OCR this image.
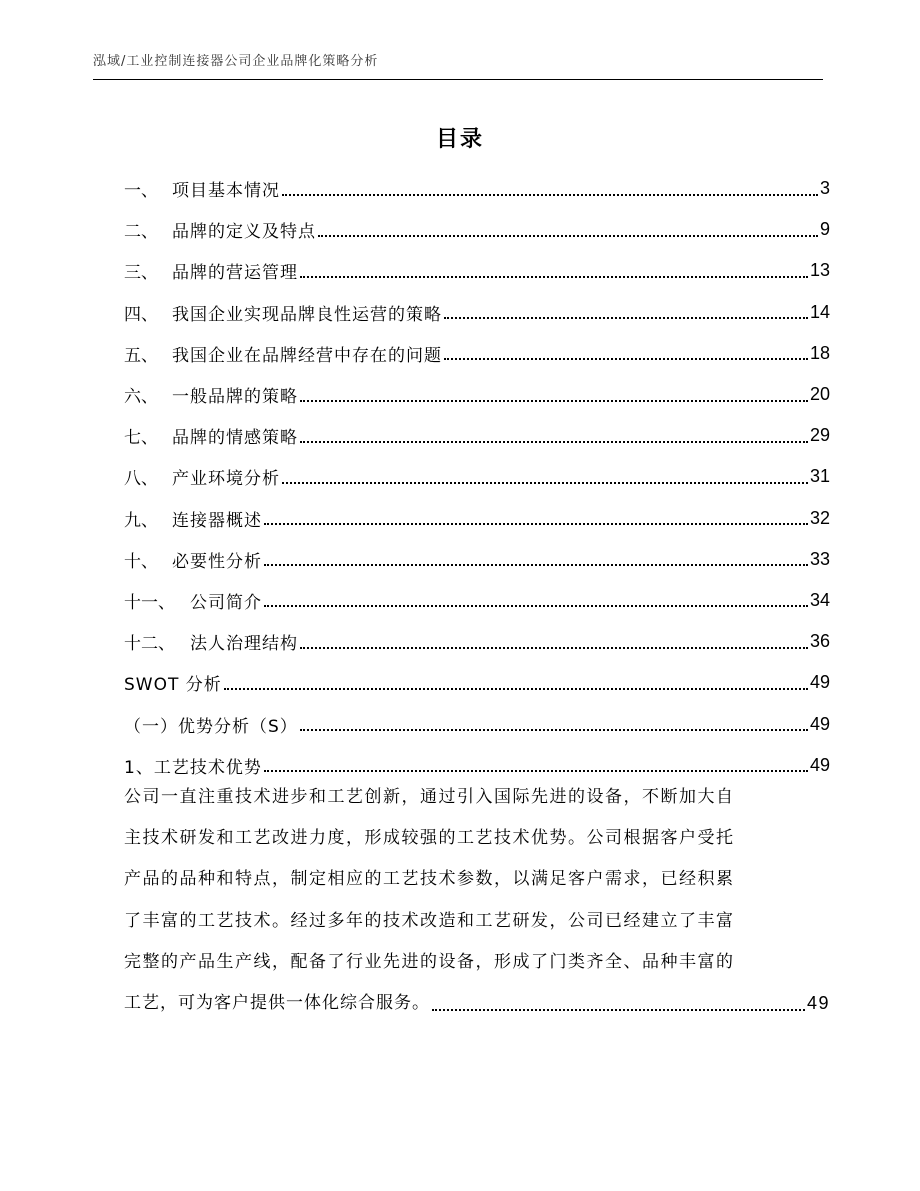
泓域/工业控制连接器公司企业品牌化策略分析
目录
一、 项目基本情况	3
二、 品牌的定义及特点	9
三、 品牌的营运管理	13
四、 我国企业实现品牌良性运营的策略	14
五、 我国企业在品牌经营中存在的问题	18
六、 一般品牌的策略	20
七、 品牌的情感策略	29
八、 产业环境分析	31
九、 连接器概述	32
十、 必要性分析	33
十一、 公司简介	34
十二、 法人治理结构	36
SWOT 分析	49
（一）优势分析（S）	49
1、工艺技术优势	49
公司一直注重技术进步和工艺创新，通过引入国际先进的设备，不断加大自
主技术研发和工艺改进力度，形成较强的工艺技术优势。公司根据客户受托
产品的品种和特点，制定相应的工艺技术参数，以满足客户需求，已经积累
了丰富的工艺技术。经过多年的技术改造和工艺研发，公司已经建立了丰富
完整的产品生产线，配备了行业先进的设备，形成了门类齐全、品种丰富的
工艺，可为客户提供一体化综合服务。	49
